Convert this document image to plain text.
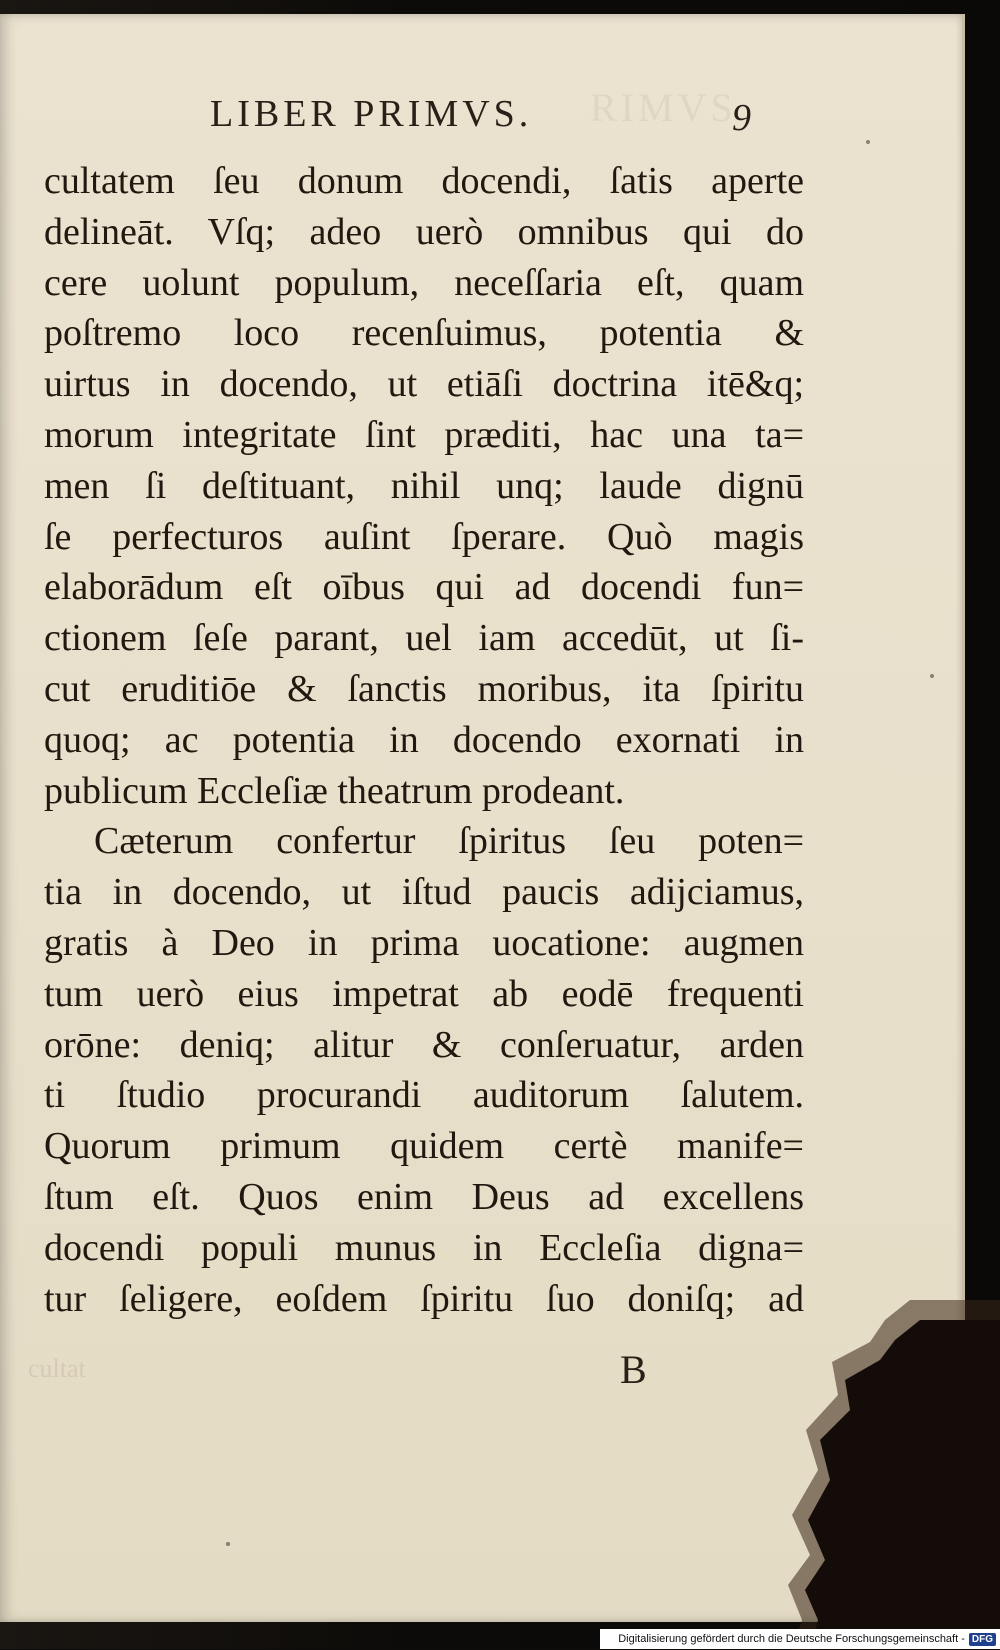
RIMVS
LIBER PRIMVS.	9
cultatem ſeu donum docendi, ſatis aperte
delineāt. Vſq; adeo uerò omnibus qui do
cere uolunt populum, neceſſaria eſt, quam
poſtremo loco recenſuimus, potentia &
uirtus in docendo, ut etiāſi doctrina itē&q;
morum integritate ſint præditi, hac una ta=
men ſi deſtituant, nihil unq; laude dignū
ſe perfecturos auſint ſperare. Quò magis
elaborādum eſt oībus qui ad docendi fun=
ctionem ſeſe parant, uel iam accedūt, ut ſi-
cut eruditiōe & ſanctis moribus, ita ſpiritu
quoq; ac potentia in docendo exornati in
publicum Eccleſiæ theatrum prodeant.
Cæterum confertur ſpiritus ſeu poten=
tia in docendo, ut iſtud paucis adijciamus,
gratis à Deo in prima uocatione: augmen
tum uerò eius impetrat ab eodē frequenti
orōne: deniq; alitur & conſeruatur, arden
ti ſtudio procurandi auditorum ſalutem.
Quorum primum quidem certè manife=
ſtum eſt. Quos enim Deus ad excellens
docendi populi munus in Eccleſia digna=
tur ſeligere, eoſdem ſpiritu ſuo doniſq; ad
B
cultat
Digitalisierung gefördert durch die Deutsche Forschungsgemeinschaft - DFG
